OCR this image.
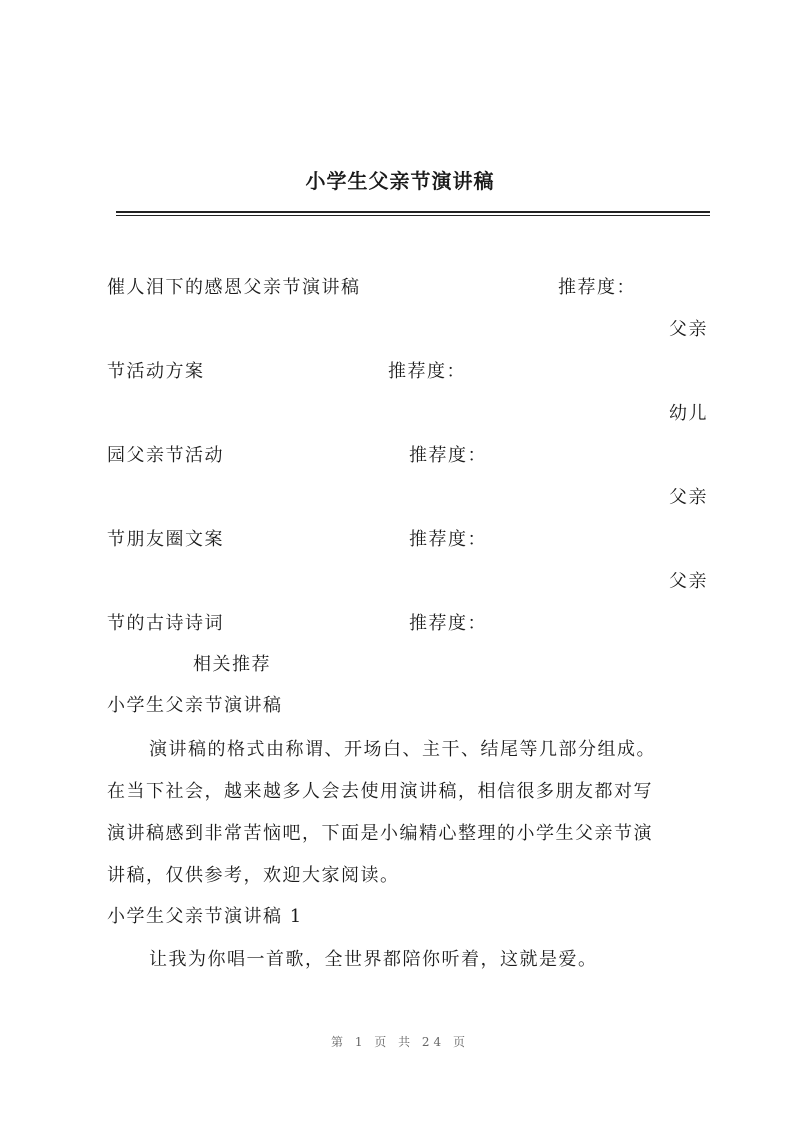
小学生父亲节演讲稿
催人泪下的感恩父亲节演讲稿	推荐度：
父亲
节活动方案	推荐度：
幼儿
园父亲节活动	推荐度：
父亲
节朋友圈文案	推荐度：
父亲
节的古诗诗词	推荐度：
相关推荐
小学生父亲节演讲稿
演讲稿的格式由称谓、开场白、主干、结尾等几部分组成。
在当下社会，越来越多人会去使用演讲稿，相信很多朋友都对写
演讲稿感到非常苦恼吧，下面是小编精心整理的小学生父亲节演
讲稿，仅供参考，欢迎大家阅读。
小学生父亲节演讲稿 1
让我为你唱一首歌，全世界都陪你听着，这就是爱。
第 1 页 共 24 页
